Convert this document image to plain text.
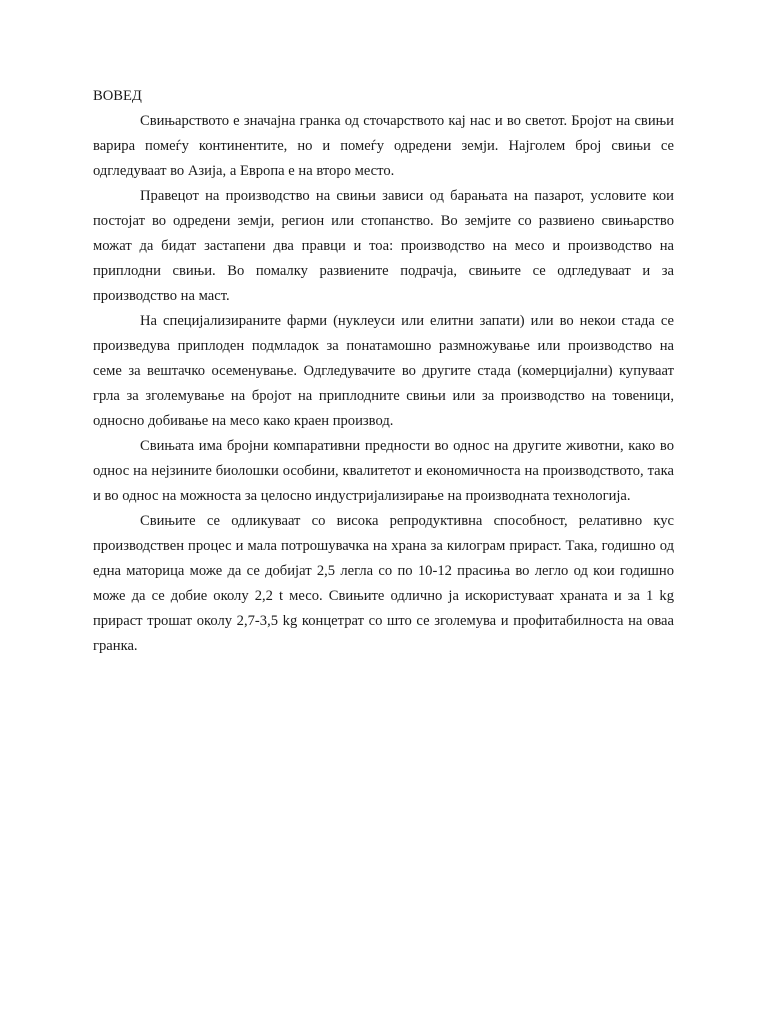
ВОВЕД

Свињарството е значајна гранка од сточарството кај нас и во светот. Бројот на свињи варира помеѓу континентите, но и помеѓу одредени земји. Најголем број свињи се одгледуваат во Азија, а Европа е на второ место.

Правецот на производство на свињи зависи од барањата на пазарот, условите кои постојат во одредени земји, регион или стопанство. Во земјите со развиено свињарство можат да бидат застапени два правци и тоа: производство на месо и производство на приплодни свињи. Во помалку развиените подрачја, свињите се одгледуваат и за производство на маст.

На специјализираните фарми (нуклеуси или елитни запати) или во некои стада се произведува приплоден подмладок за понатамошно размножување или производство на семе за вештачко осеменување. Одгледувачите во другите стада (комерцијални) купуваат грла за зголемување на бројот на приплодните свињи или за производство на товеници, односно добивање на месо како краен производ.

Свињата има бројни компаративни предности во однос на другите животни, како во однос на нејзините биолошки особини, квалитетот и економичноста на производството, така и во однос на можноста за целосно индустријализирање на производната технологија.

Свињите се одликуваат со висока репродуктивна способност, релативно кус производствен процес и мала потрошувачка на храна за килограм прираст. Така, годишно од една маторица може да се добијат 2,5 легла со по 10-12 прасиња во легло од кои годишно може да се добие околу 2,2 t месо. Свињите одлично ја искористуваат храната и за 1 kg прираст трошат околу 2,7-3,5 kg концетрат со што се зголемува и профитабилноста на оваа гранка.
